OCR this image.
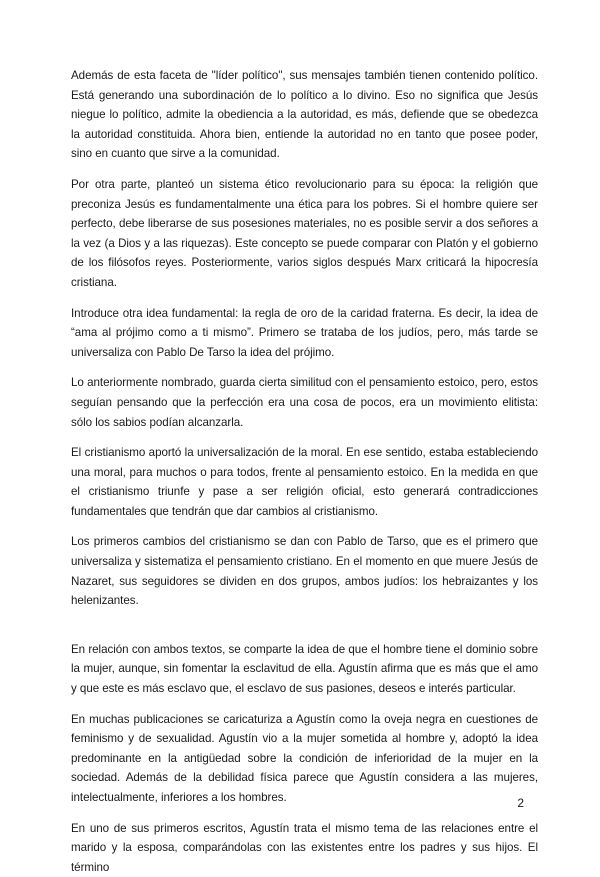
Además de esta faceta de "líder político", sus mensajes también tienen contenido político. Está generando una subordinación de lo político a lo divino. Eso no significa que Jesús niegue lo político, admite la obediencia a la autoridad, es más, defiende que se obedezca la autoridad constituida. Ahora bien, entiende la autoridad no en tanto que posee poder, sino en cuanto que sirve a la comunidad.

Por otra parte, planteó un sistema ético revolucionario para su época: la religión que preconiza Jesús es fundamentalmente una ética para los pobres. Si el hombre quiere ser perfecto, debe liberarse de sus posesiones materiales, no es posible servir a dos señores a la vez (a Dios y a las riquezas). Este concepto se puede comparar con Platón y el gobierno de los filósofos reyes. Posteriormente, varios siglos después Marx criticará la hipocresía cristiana.

Introduce otra idea fundamental: la regla de oro de la caridad fraterna. Es decir, la idea de “ama al prójimo como a ti mismo”. Primero se trataba de los judíos, pero, más tarde se universaliza con Pablo De Tarso la idea del prójimo.

Lo anteriormente nombrado, guarda cierta similitud con el pensamiento estoico, pero, estos seguían pensando que la perfección era una cosa de pocos, era un movimiento elitista: sólo los sabios podían alcanzarla.

El cristianismo aportó la universalización de la moral. En ese sentido, estaba estableciendo una moral, para muchos o para todos, frente al pensamiento estoico. En la medida en que el cristianismo triunfe y pase a ser religión oficial, esto generará contradicciones fundamentales que tendrán que dar cambios al cristianismo.

Los primeros cambios del cristianismo se dan con Pablo de Tarso, que es el primero que universaliza y sistematiza el pensamiento cristiano. En el momento en que muere Jesús de Nazaret, sus seguidores se dividen en dos grupos, ambos judíos: los hebraizantes y los helenizantes.

En relación con ambos textos, se comparte la idea de que el hombre tiene el dominio sobre la mujer, aunque, sin fomentar la esclavitud de ella. Agustín afirma que es más que el amo y que este es más esclavo que, el esclavo de sus pasiones, deseos e interés particular.

En muchas publicaciones se caricaturiza a Agustín como la oveja negra en cuestiones de feminismo y de sexualidad. Agustín vio a la mujer sometida al hombre y, adoptó la idea predominante en la antigüedad sobre la condición de inferioridad de la mujer en la sociedad. Además de la debilidad física parece que Agustín considera a las mujeres, intelectualmente, inferiores a los hombres.

En uno de sus primeros escritos, Agustín trata el mismo tema de las relaciones entre el marido y la esposa, comparándolas con las existentes entre los padres y sus hijos. El término

2
